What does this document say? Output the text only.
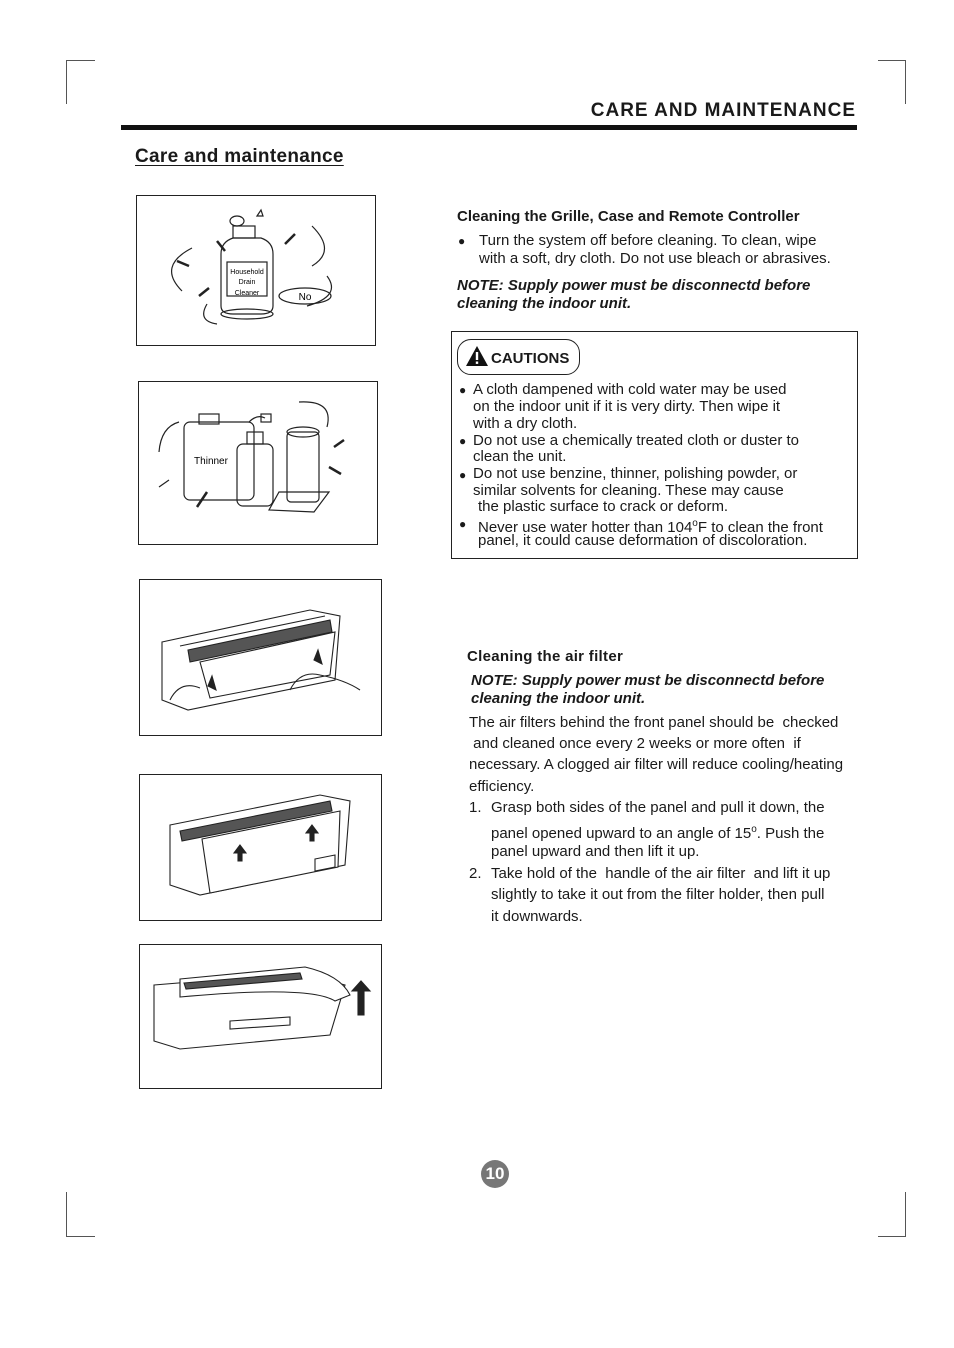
CARE AND MAINTENANCE
Care and maintenance
Household
Drain
Cleaner	No
Thinner
Cleaning the Grille, Case and Remote Controller
● Turn the system off before cleaning. To clean, wipe
with a soft, dry cloth. Do not use bleach or abrasives.
NOTE: Supply power must be disconnectd before
cleaning the indoor unit.
CAUTIONS
● A cloth dampened with cold water may be used
on the indoor unit if it is very dirty. Then wipe it
with a dry cloth.
● Do not use a chemically treated cloth or duster to
clean the unit.
● Do not use benzine, thinner, polishing powder, or
similar solvents for cleaning. These may cause
the plastic surface to crack or deform.
● Never use water hotter than 104$^o$F to clean the front
panel, it could cause deformation of discoloration.
Cleaning the air filter
NOTE: Supply power must be disconnectd before
cleaning the indoor unit.
The air filters behind the front panel should be  checked
and cleaned once every 2 weeks or more often  if
necessary. A clogged air filter will reduce cooling/heating
efficiency.
1. Grasp both sides of the panel and pull it down, the
panel opened upward to an angle of 15$^o$. Push the
panel upward and then lift it up.
2. Take hold of the  handle of the air filter  and lift it up
slightly to take it out from the filter holder, then pull
it downwards.
10
